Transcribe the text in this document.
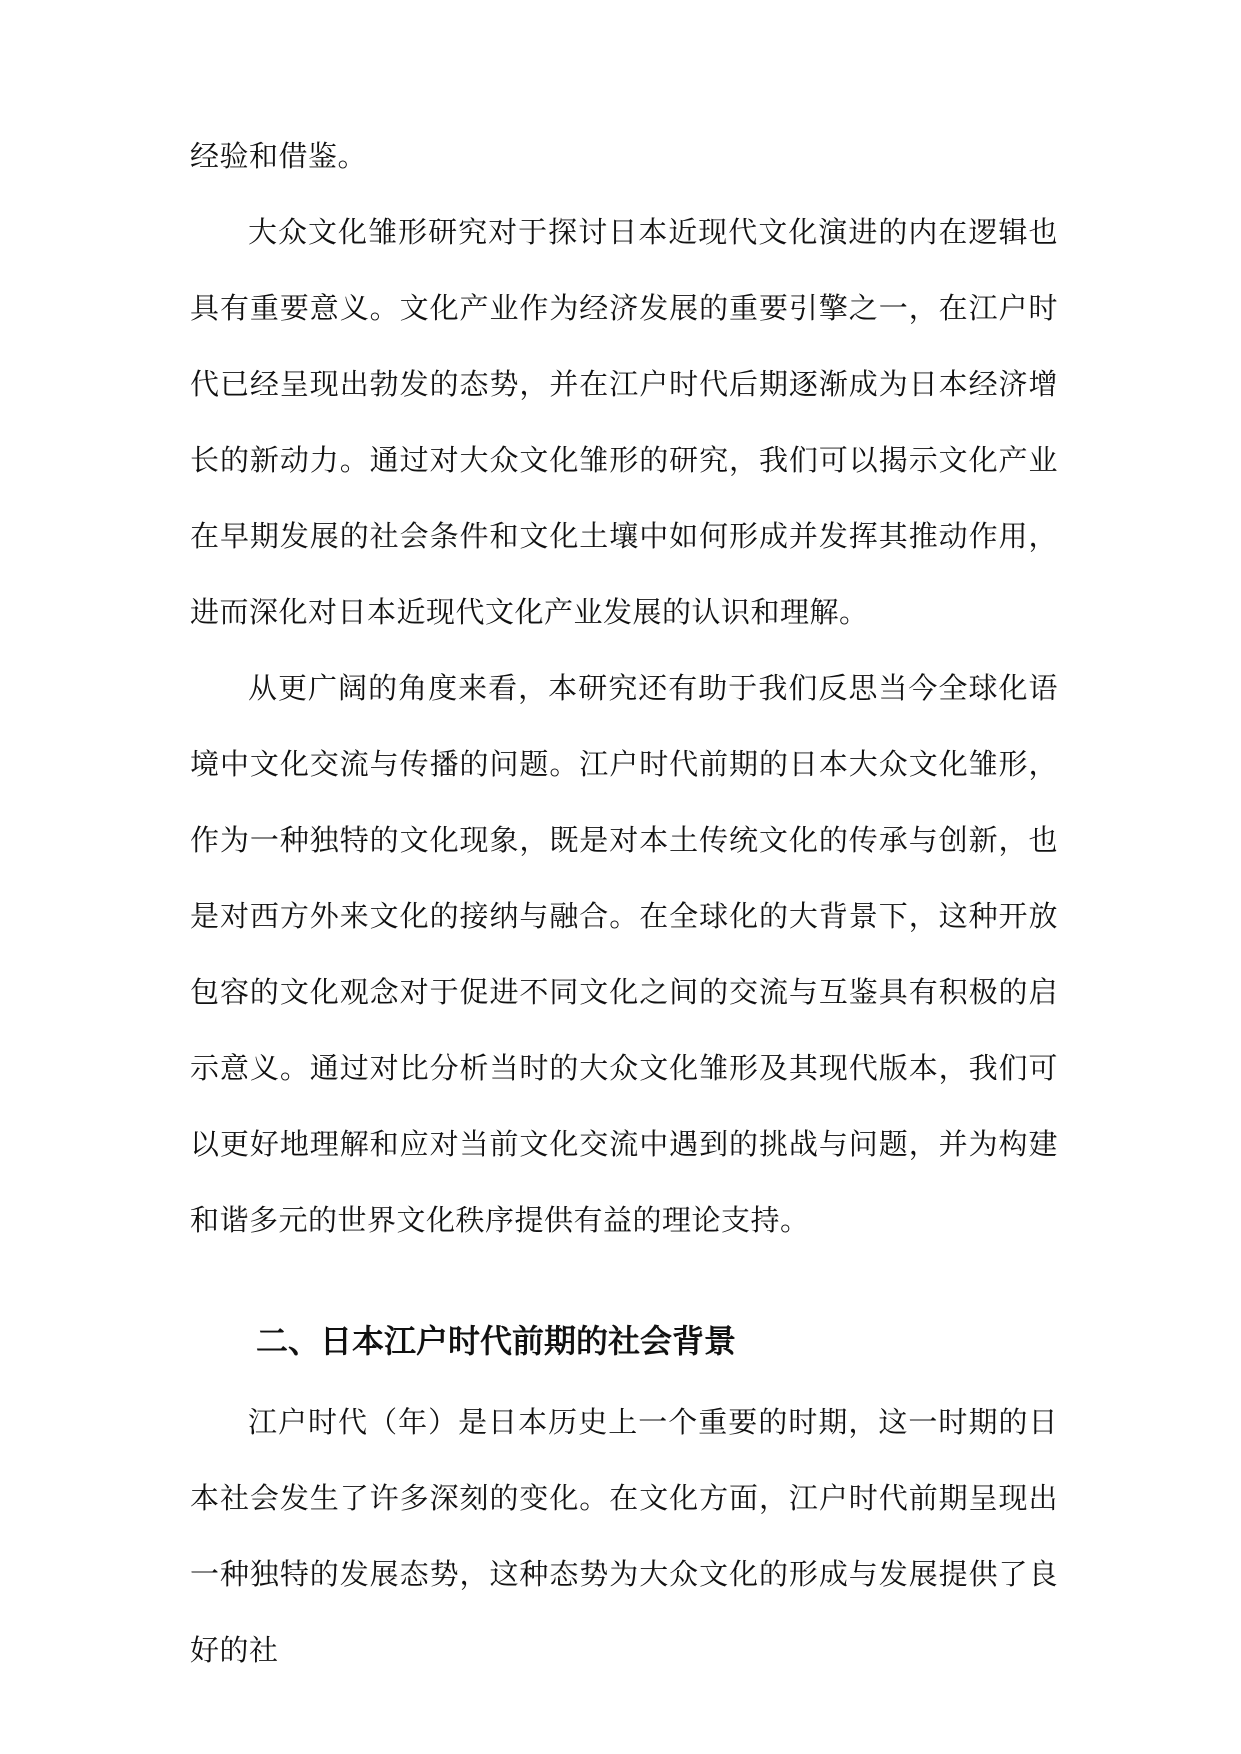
经验和借鉴。

大众文化雏形研究对于探讨日本近现代文化演进的内在逻辑也具有重要意义。文化产业作为经济发展的重要引擎之一，在江户时代已经呈现出勃发的态势，并在江户时代后期逐渐成为日本经济增长的新动力。通过对大众文化雏形的研究，我们可以揭示文化产业在早期发展的社会条件和文化土壤中如何形成并发挥其推动作用，进而深化对日本近现代文化产业发展的认识和理解。

从更广阔的角度来看，本研究还有助于我们反思当今全球化语境中文化交流与传播的问题。江户时代前期的日本大众文化雏形，作为一种独特的文化现象，既是对本土传统文化的传承与创新，也是对西方外来文化的接纳与融合。在全球化的大背景下，这种开放包容的文化观念对于促进不同文化之间的交流与互鉴具有积极的启示意义。通过对比分析当时的大众文化雏形及其现代版本，我们可以更好地理解和应对当前文化交流中遇到的挑战与问题，并为构建和谐多元的世界文化秩序提供有益的理论支持。

二、日本江户时代前期的社会背景

江户时代（年）是日本历史上一个重要的时期，这一时期的日本社会发生了许多深刻的变化。在文化方面，江户时代前期呈现出一种独特的发展态势，这种态势为大众文化的形成与发展提供了良好的社
